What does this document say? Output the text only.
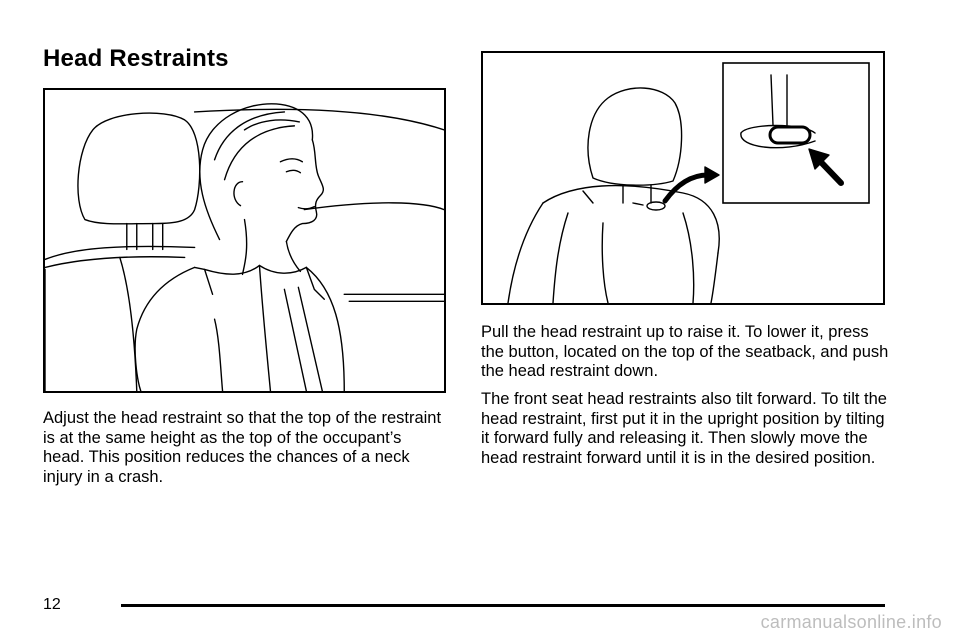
Head Restraints

Adjust the head restraint so that the top of the restraint is at the same height as the top of the occupant’s head. This position reduces the chances of a neck injury in a crash.

Pull the head restraint up to raise it. To lower it, press the button, located on the top of the seatback, and push the head restraint down.

The front seat head restraints also tilt forward. To tilt the head restraint, first put it in the upright position by tilting it forward fully and releasing it. Then slowly move the head restraint forward until it is in the desired position.

12
carmanualsonline.info
